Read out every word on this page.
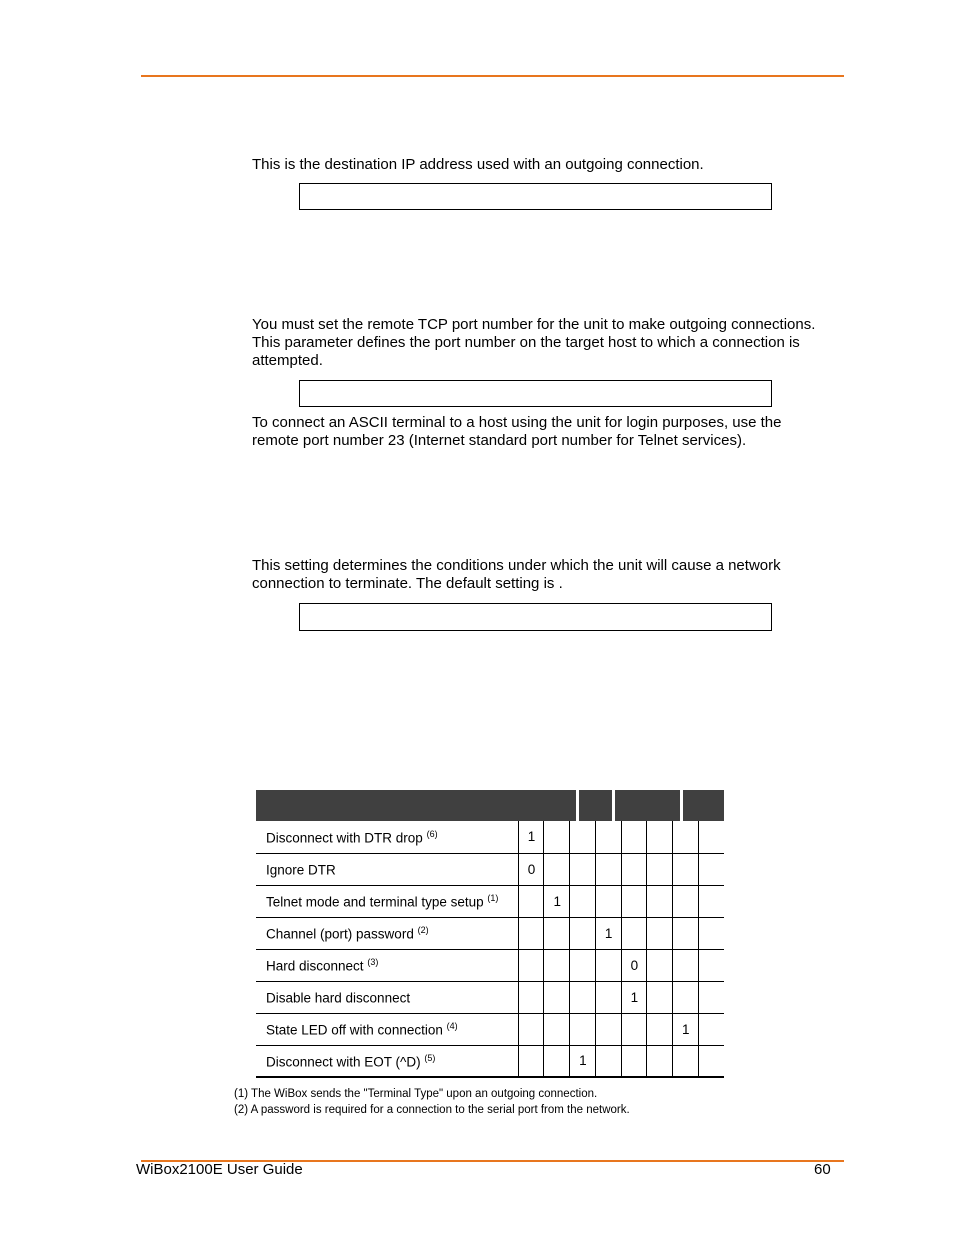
This is the destination IP address used with an outgoing connection.

You must set the remote TCP port number for the unit to make outgoing connections. This parameter defines the port number on the target host to which a connection is attempted.

To connect an ASCII terminal to a host using the unit for login purposes, use the remote port number 23 (Internet standard port number for Telnet services).

This setting determines the conditions under which the unit will cause a network connection to terminate. The default setting is .

Disconnect with DTR drop $^{(6)}$	1							
Ignore DTR	0							
Telnet mode and terminal type setup $^{(1)}$		1						
Channel (port) password $^{(2)}$				1				
Hard disconnect $^{(3)}$					0			
Disable hard disconnect					1			
State LED off with connection $^{(4)}$							1	
Disconnect with EOT (^D) $^{(5)}$			1					

(1) The WiBox sends the "Terminal Type" upon an outgoing connection.

(2) A password is required for a connection to the serial port from the network.

WiBox2100E User Guide	60
